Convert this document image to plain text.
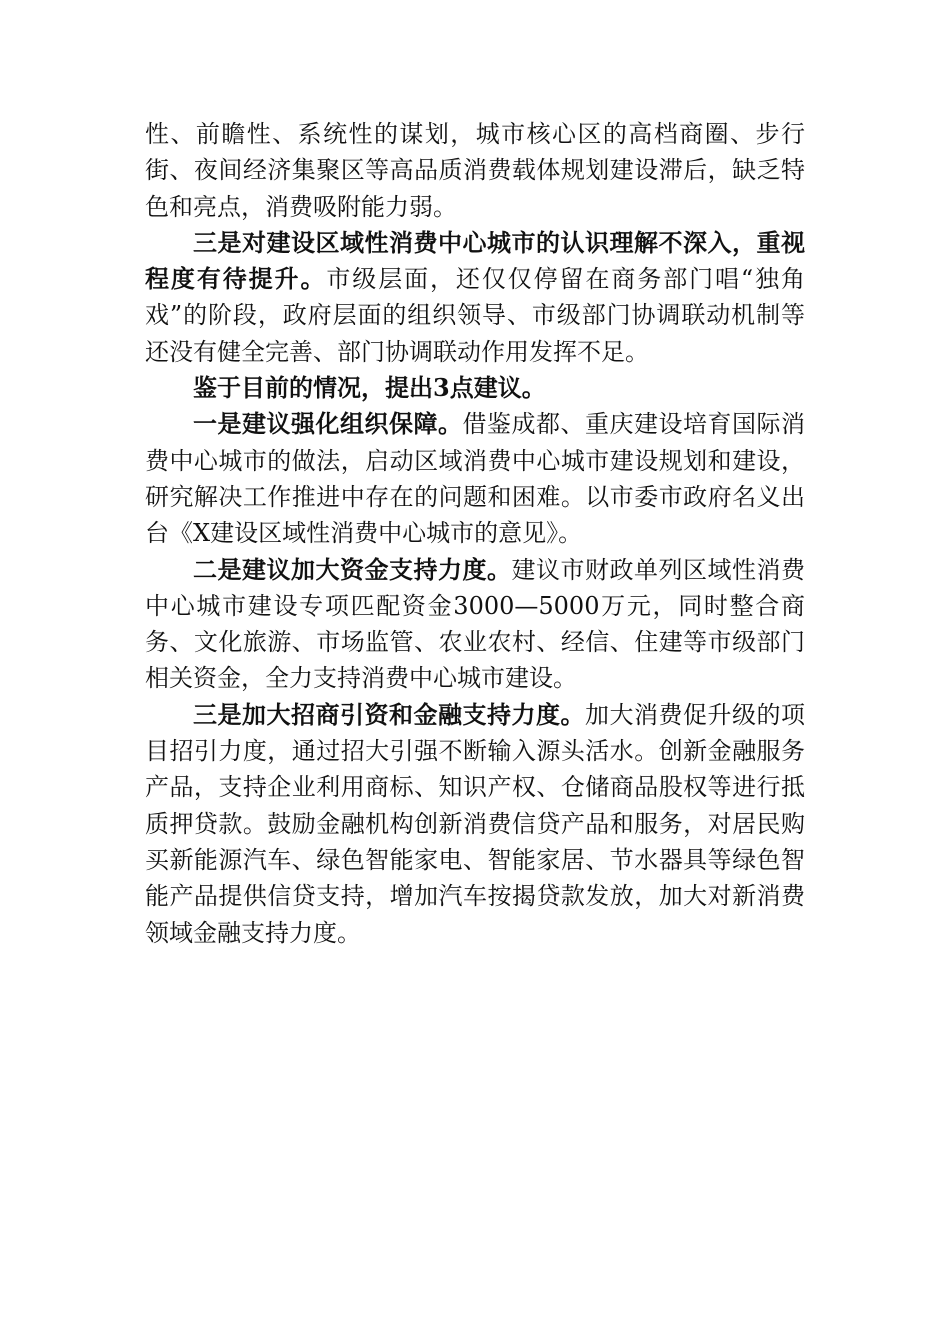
性、前瞻性、系统性的谋划，城市核心区的高档商圈、步行街、夜间经济集聚区等高品质消费载体规划建设滞后，缺乏特色和亮点，消费吸附能力弱。

三是对建设区域性消费中心城市的认识理解不深入，重视程度有待提升。市级层面，还仅仅停留在商务部门唱“独角戏”的阶段，政府层面的组织领导、市级部门协调联动机制等还没有健全完善、部门协调联动作用发挥不足。

鉴于目前的情况，提出3点建议。

一是建议强化组织保障。借鉴成都、重庆建设培育国际消费中心城市的做法，启动区域消费中心城市建设规划和建设，研究解决工作推进中存在的问题和困难。以市委市政府名义出台《X建设区域性消费中心城市的意见》。

二是建议加大资金支持力度。建议市财政单列区域性消费中心城市建设专项匹配资金3000—5000万元，同时整合商务、文化旅游、市场监管、农业农村、经信、住建等市级部门相关资金，全力支持消费中心城市建设。

三是加大招商引资和金融支持力度。加大消费促升级的项目招引力度，通过招大引强不断输入源头活水。创新金融服务产品，支持企业利用商标、知识产权、仓储商品股权等进行抵质押贷款。鼓励金融机构创新消费信贷产品和服务，对居民购买新能源汽车、绿色智能家电、智能家居、节水器具等绿色智能产品提供信贷支持，增加汽车按揭贷款发放，加大对新消费领域金融支持力度。
